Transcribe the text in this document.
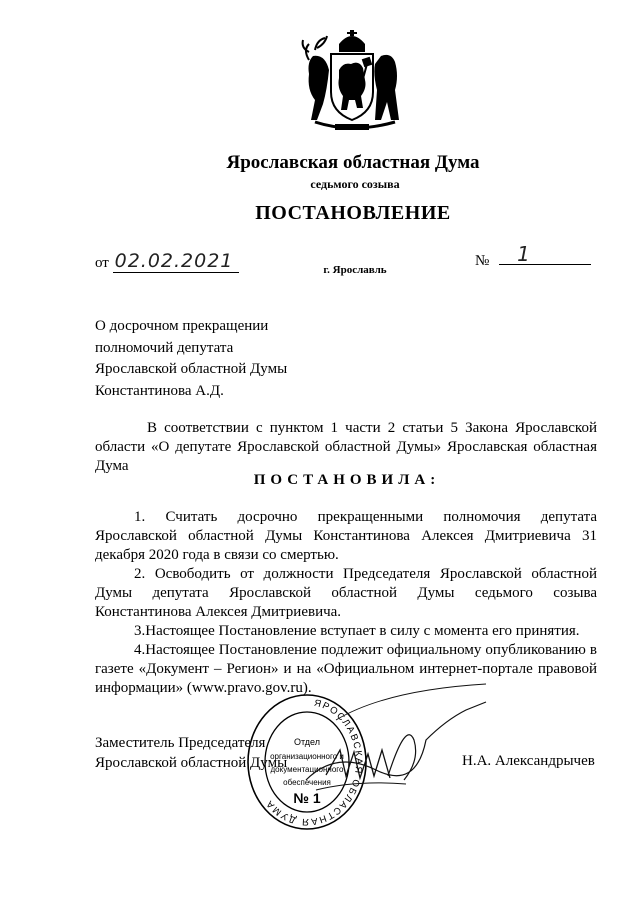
Ярославская областная Дума
седьмого созыва
ПОСТАНОВЛЕНИЕ
от 02.02.2021	№ 1
г. Ярославль
О досрочном прекращении
полномочий депутата
Ярославской областной Думы
Константинова А.Д.
В соответствии с пунктом 1 части 2 статьи 5 Закона Ярославской области «О депутате Ярославской областной Думы» Ярославская областная Дума
ПОСТАНОВИЛА:

1. Считать досрочно прекращенными полномочия депутата Ярославской областной Думы Константинова Алексея Дмитриевича 31 декабря 2020 года в связи со смертью.

2. Освободить от должности Председателя Ярославской областной Думы депутата Ярославской областной Думы седьмого созыва Константинова Алексея Дмитриевича.

3.Настоящее Постановление вступает в силу с момента его принятия.

4.Настоящее Постановление подлежит официальному опубликованию в газете «Документ – Регион» и на «Официальном интернет-портале правовой информации» (www.pravo.gov.ru).

Заместитель Председателя
Ярославской областной Думы	Н.А. Александрычев
ЯРОСЛАВСКАЯ ОБЛАСТНАЯ ДУМА
Отдел
организационного и
документационного
обеспечения
№ 1
